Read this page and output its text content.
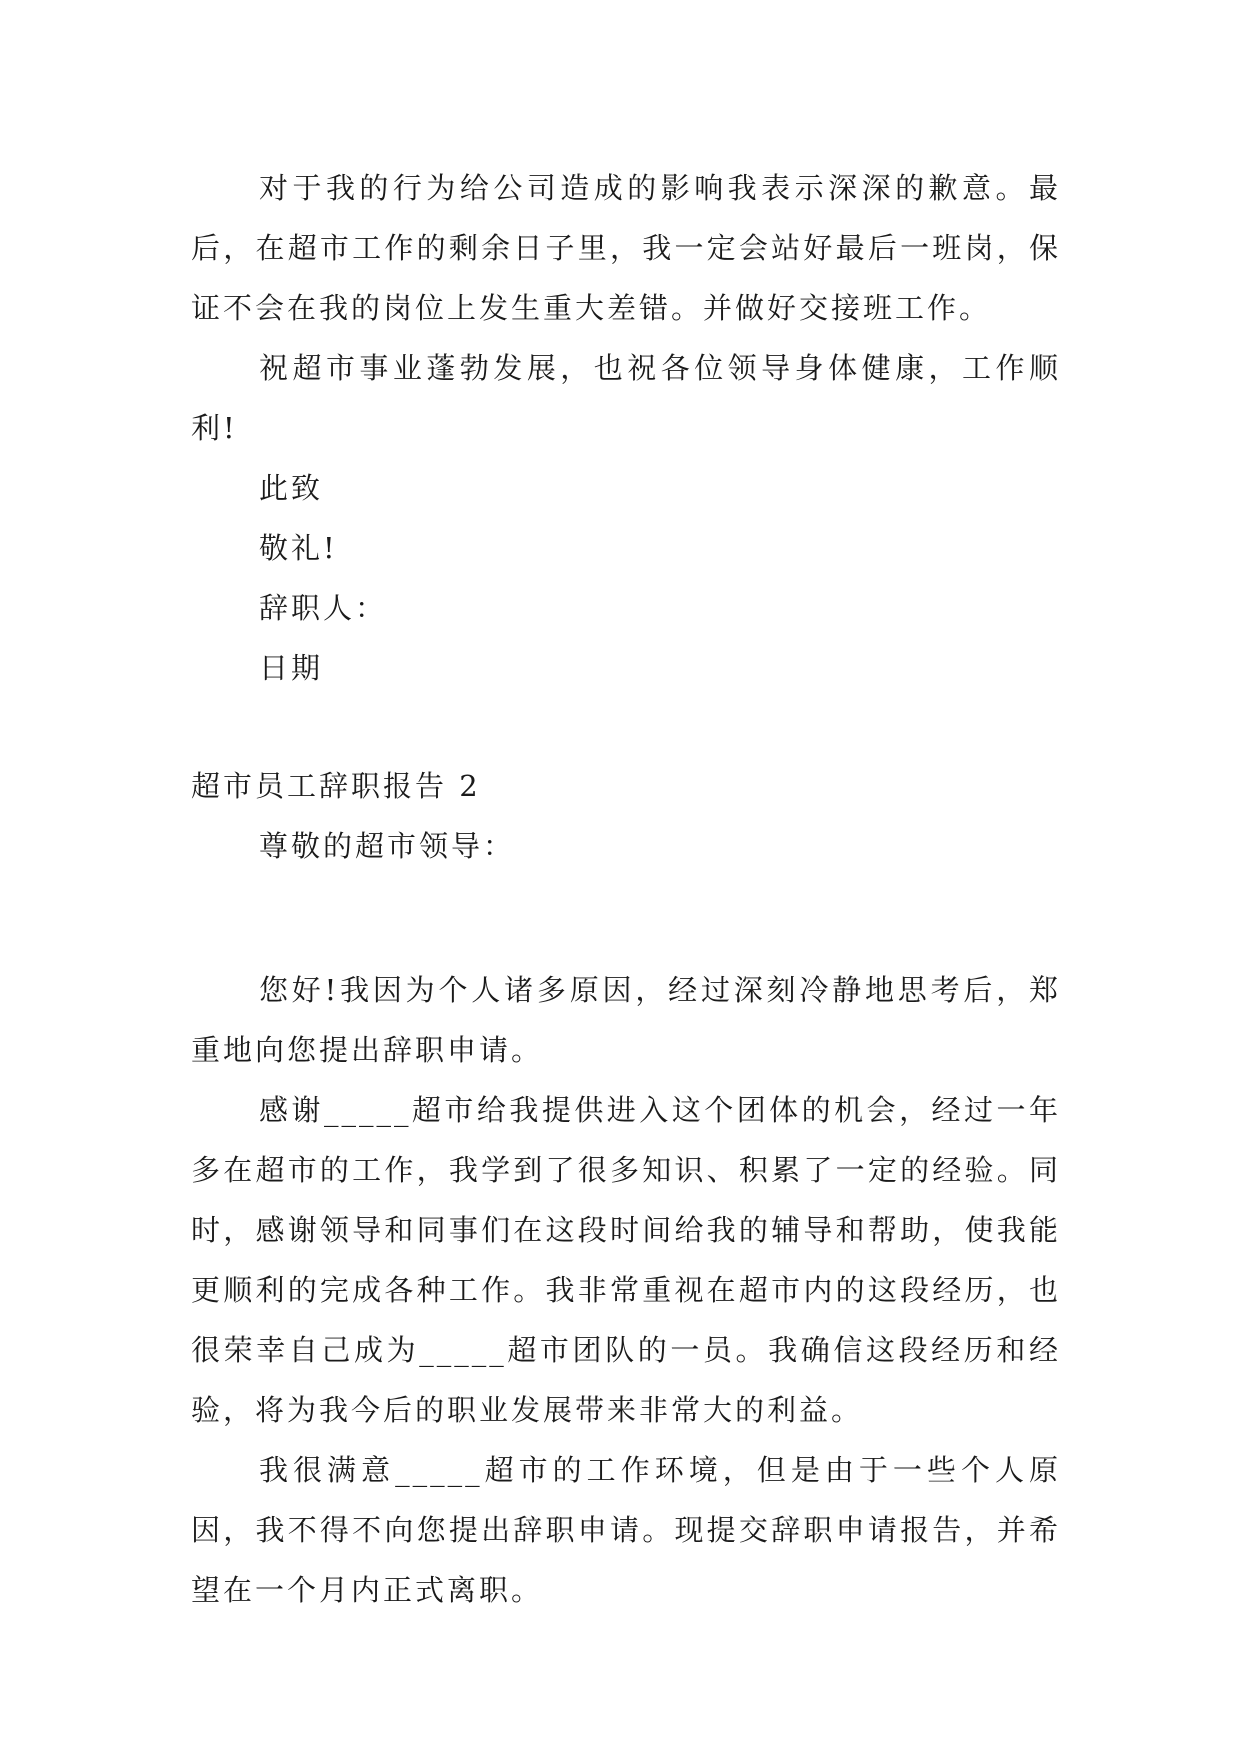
对于我的行为给公司造成的影响我表示深深的歉意。最后，在超市工作的剩余日子里，我一定会站好最后一班岗，保证不会在我的岗位上发生重大差错。并做好交接班工作。

祝超市事业蓬勃发展，也祝各位领导身体健康，工作顺利!

此致

敬礼!

辞职人：

日期

超市员工辞职报告 2

尊敬的超市领导：

您好!我因为个人诸多原因，经过深刻冷静地思考后，郑重地向您提出辞职申请。

感谢_____超市给我提供进入这个团体的机会，经过一年多在超市的工作，我学到了很多知识、积累了一定的经验。同时，感谢领导和同事们在这段时间给我的辅导和帮助，使我能更顺利的完成各种工作。我非常重视在超市内的这段经历，也很荣幸自己成为_____超市团队的一员。我确信这段经历和经验，将为我今后的职业发展带来非常大的利益。

我很满意_____超市的工作环境，但是由于一些个人原因，我不得不向您提出辞职申请。现提交辞职申请报告，并希望在一个月内正式离职。
